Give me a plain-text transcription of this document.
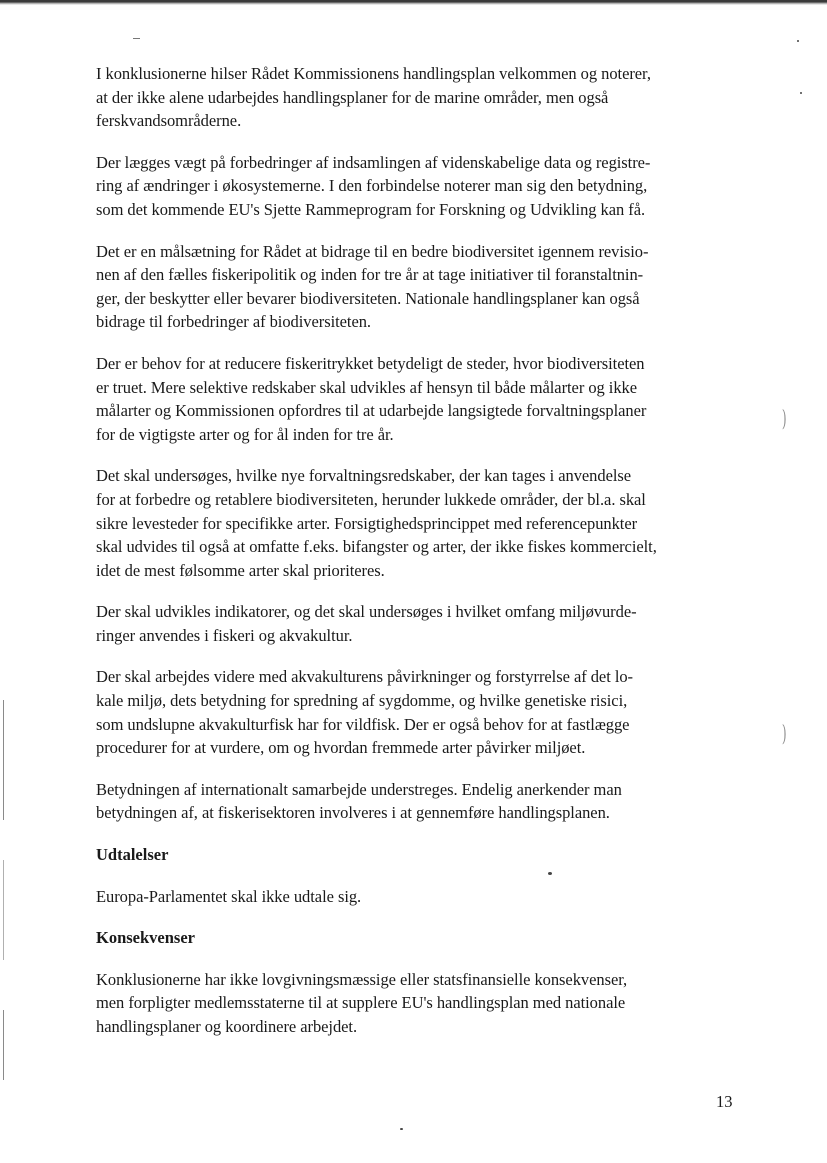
)
)

I konklusionerne hilser Rådet Kommissionens handlingsplan velkommen og noterer,
at der ikke alene udarbejdes handlingsplaner for de marine områder, men også
ferskvandsområderne.

Der lægges vægt på forbedringer af indsamlingen af videnskabelige data og registre-
ring af ændringer i økosystemerne. I den forbindelse noterer man sig den betydning,
som det kommende EU's Sjette Rammeprogram for Forskning og Udvikling kan få.

Det er en målsætning for Rådet at bidrage til en bedre biodiversitet igennem revisio-
nen af den fælles fiskeripolitik og inden for tre år at tage initiativer til foranstaltnin-
ger, der beskytter eller bevarer biodiversiteten. Nationale handlingsplaner kan også
bidrage til forbedringer af biodiversiteten.

Der er behov for at reducere fiskeritrykket betydeligt de steder, hvor biodiversiteten
er truet. Mere selektive redskaber skal udvikles af hensyn til både målarter og ikke
målarter og Kommissionen opfordres til at udarbejde langsigtede forvaltningsplaner
for de vigtigste arter og for ål inden for tre år.

Det skal undersøges, hvilke nye forvaltningsredskaber, der kan tages i anvendelse
for at forbedre og retablere biodiversiteten, herunder lukkede områder, der bl.a. skal
sikre levesteder for specifikke arter. Forsigtighedsprincippet med referencepunkter
skal udvides til også at omfatte f.eks. bifangster og arter, der ikke fiskes kommercielt,
idet de mest følsomme arter skal prioriteres.

Der skal udvikles indikatorer, og det skal undersøges i hvilket omfang miljøvurde-
ringer anvendes i fiskeri og akvakultur.

Der skal arbejdes videre med akvakulturens påvirkninger og forstyrrelse af det lo-
kale miljø, dets betydning for spredning af sygdomme, og hvilke genetiske risici,
som undslupne akvakulturfisk har for vildfisk. Der er også behov for at fastlægge
procedurer for at vurdere, om og hvordan fremmede arter påvirker miljøet.

Betydningen af internationalt samarbejde understreges. Endelig anerkender man
betydningen af, at fiskerisektoren involveres i at gennemføre handlingsplanen.

Udtalelser

Europa-Parlamentet skal ikke udtale sig.

Konsekvenser

Konklusionerne har ikke lovgivningsmæssige eller statsfinansielle konsekvenser,
men forpligter medlemsstaterne til at supplere EU's handlingsplan med nationale
handlingsplaner og koordinere arbejdet.

13
